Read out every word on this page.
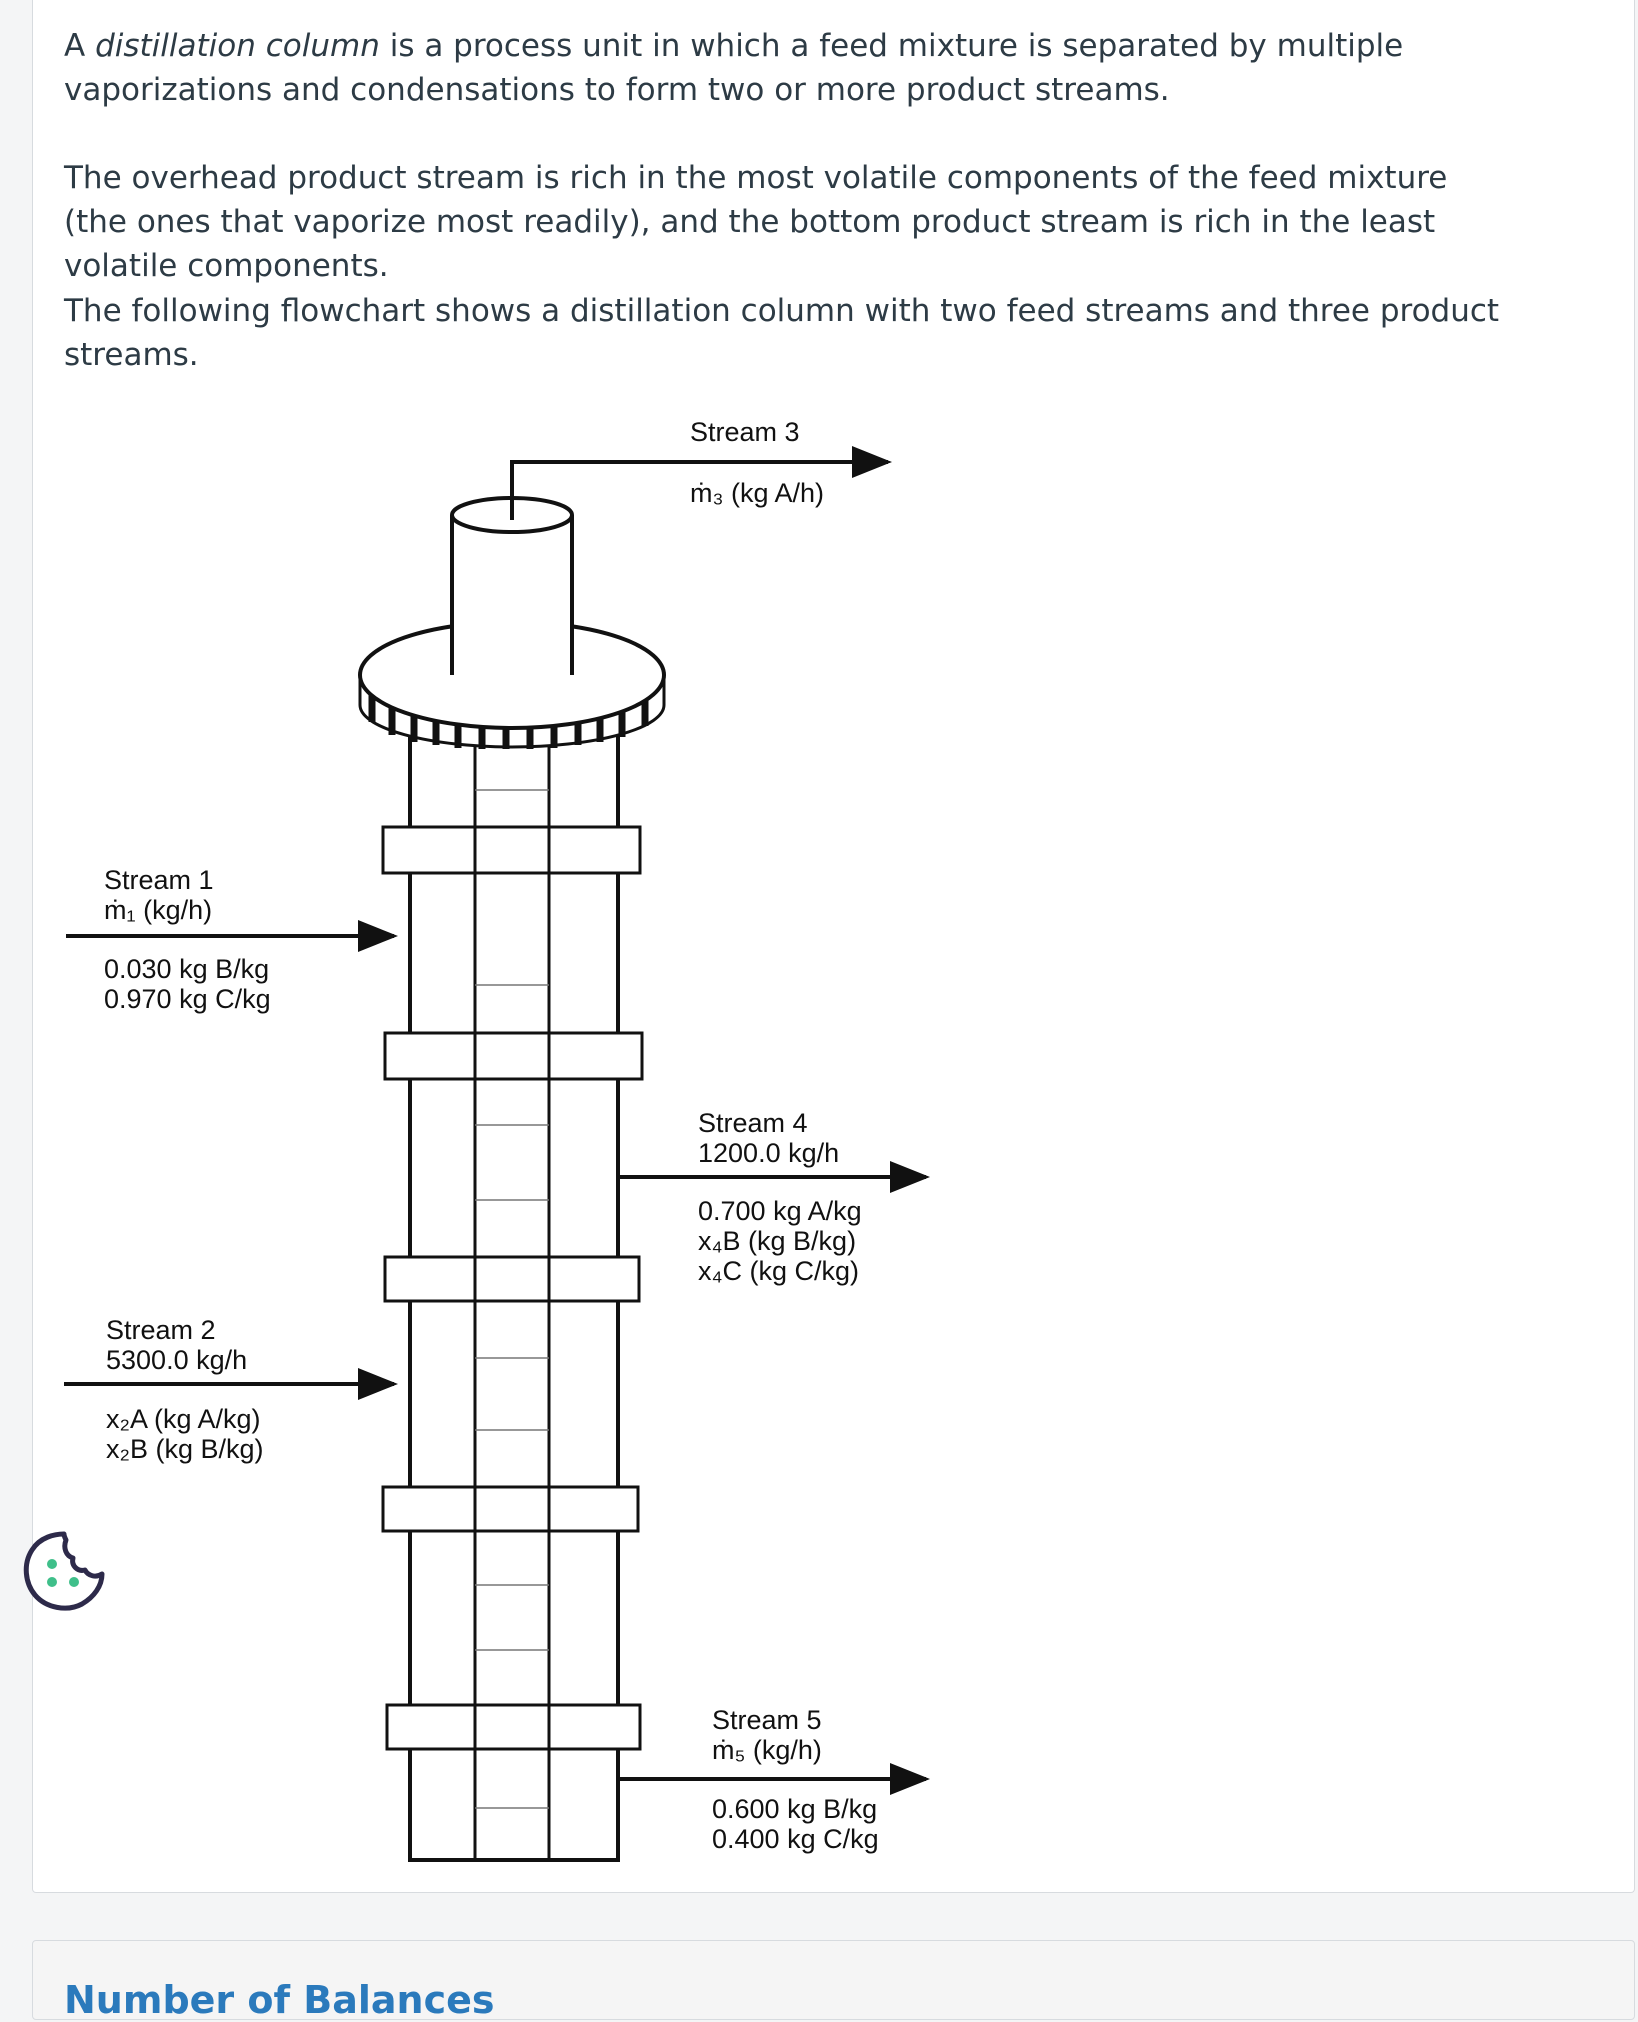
A distillation column is a process unit in which a feed mixture is separated by multiple vaporizations and condensations to form two or more product streams.

The overhead product stream is rich in the most volatile components of the feed mixture (the ones that vaporize most readily), and the bottom product stream is rich in the least volatile components.

The following flowchart shows a distillation column with two feed streams and three product streams.

Stream 3
ṁ₃ (kg A/h)
Stream 1
ṁ₁ (kg/h)
0.030 kg B/kg
0.970 kg C/kg
Stream 2
5300.0 kg/h
x₂A (kg A/kg)
x₂B (kg B/kg)
Stream 4
1200.0 kg/h
0.700 kg A/kg
x₄B (kg B/kg)
x₄C (kg C/kg)
Stream 5
ṁ₅ (kg/h)
0.600 kg B/kg
0.400 kg C/kg
Number of Balances
